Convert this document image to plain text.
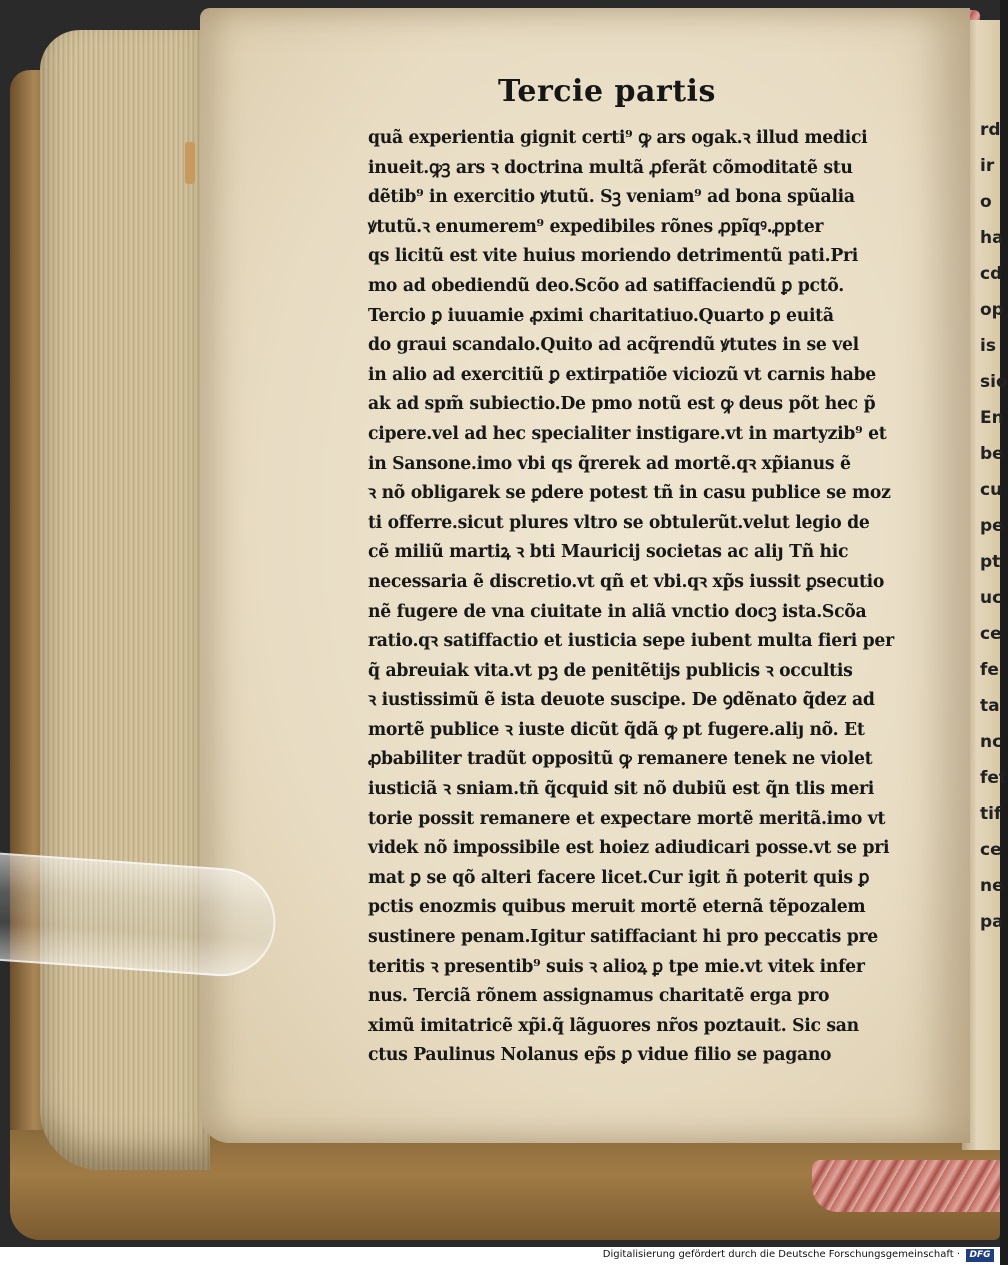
rd
ir
o
ha
cd
op
is
sio
En
be
cu
pe
pt
uc
ce
fe
ta
nc
fet
tif
ce
ne
pa
Tercie partis
quã experientia gignit certi⁹ ꝙ ars ogak.ꝛ illud medici
inueit.ꝙꝫ ars ꝛ doctrina multã ꝓferãt cõmoditatẽ stu
dẽtib⁹ in exercitio ꝟtutũ. Sꝫ veniam⁹ ad bona spũalia
ꝟtutũ.ꝛ enumerem⁹ expedibiles rõnes ꝓpĩqꝰ.ꝓpter
qs licitũ est vite huius moriendo detrimentũ pati.Pri
mo ad obediendũ deo.Scõo ad satiffaciendũ ꝑ pctõ.
Tercio ꝑ iuuamie ꝓximi charitatiuo.Quarto ꝑ euitã
do graui scandalo.Quito ad acq̃rendũ ꝟtutes in se vel
in alio ad exercitiũ ꝑ extirpatiõe viciozũ vt carnis habe
ak ad spm̃ subiectio.De pmo notũ est ꝙ deus põt hec p̃
cipere.vel ad hec specialiter instigare.vt in martyzib⁹ et
in Sansone.imo vbi qs q̃rerek ad mortẽ.qꝛ xp̃ianus ẽ
ꝛ nõ obligarek se ꝑdere potest tñ in casu publice se moz
ti offerre.sicut plures vltro se obtulerũt.velut legio de
cẽ miliũ martiꝝ ꝛ bti Mauricij societas ac aliȷ Tñ hic
necessaria ẽ discretio.vt qñ et vbi.qꝛ xp̃s iussit ꝑsecutio
nẽ fugere de vna ciuitate in aliã vnctio docꝫ ista.Scõa
ratio.qꝛ satiffactio et iusticia sepe iubent multa fieri per
q̃ abreuiak vita.vt pꝫ de penitẽtijs publicis ꝛ occultis
ꝛ iustissimũ ẽ ista deuote suscipe. De ꝯdẽnato q̃dez ad
mortẽ publice ꝛ iuste dicũt q̃dã ꝙ pt fugere.aliȷ nõ. Et
ꝓbabiliter tradũt oppositũ ꝙ remanere tenek ne violet
iusticiã ꝛ sniam.tñ q̃cquid sit nõ dubiũ est q̃n tlis meri
torie possit remanere et expectare mortẽ meritã.imo vt
videk nõ impossibile est hoiez adiudicari posse.vt se pri
mat ꝑ se qõ alteri facere licet.Cur igit ñ poterit quis ꝑ
pctis enozmis quibus meruit mortẽ eternã tẽpozalem
sustinere penam.Igitur satiffaciant hi pro peccatis pre
teritis ꝛ presentib⁹ suis ꝛ alioꝝ ꝑ tpe mie.vt vitek infer
nus. Terciã rõnem assignamus charitatẽ erga pro
ximũ imitatricẽ xp̃i.q̃ lãguores nr̃os poztauit. Sic san
ctus Paulinus Nolanus ep̃s ꝑ vidue filio se pagano
Digitalisierung gefördert durch die Deutsche Forschungsgemeinschaft ·	DFG
